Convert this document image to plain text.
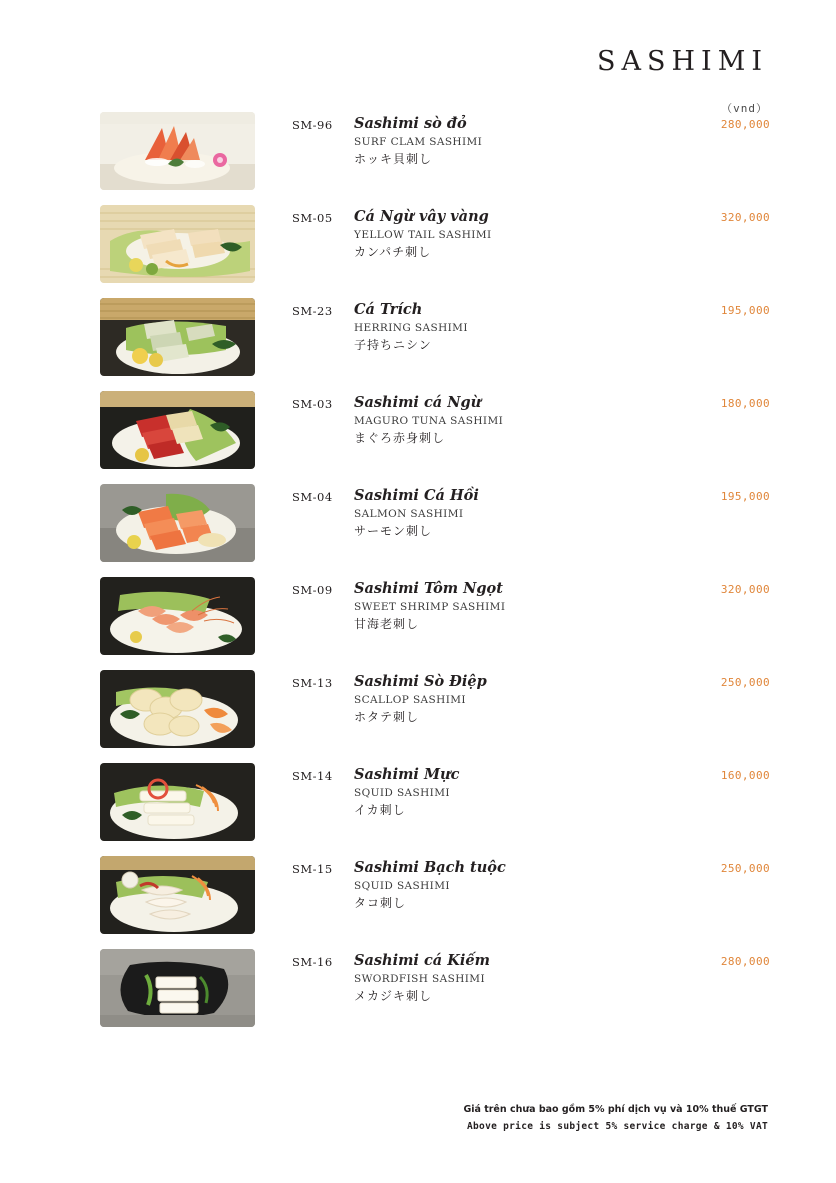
SASHIMI
（vnd）
SM-96	Sashimi sò đỏ
SURF CLAM SASHIMI
ホッキ貝刺し
280,000
SM-05	Cá Ngừ vây vàng
YELLOW TAIL SASHIMI
カンパチ刺し
320,000
SM-23	Cá Trích
HERRING SASHIMI
子持ちニシン
195,000
SM-03	Sashimi cá Ngừ
MAGURO TUNA SASHIMI
まぐろ赤身刺し
180,000
SM-04	Sashimi Cá Hồi
SALMON SASHIMI
サーモン刺し
195,000
SM-09	Sashimi Tôm Ngọt
SWEET SHRIMP SASHIMI
甘海老刺し
320,000
SM-13	Sashimi Sò Điệp
SCALLOP SASHIMI
ホタテ刺し
250,000
SM-14	Sashimi Mực
SQUID SASHIMI
イカ刺し
160,000
SM-15	Sashimi Bạch tuộc
SQUID SASHIMI
タコ刺し
250,000
SM-16	Sashimi cá Kiếm
SWORDFISH SASHIMI
メカジキ刺し
280,000
Giá trên chưa bao gồm 5% phí dịch vụ và 10% thuế GTGT
Above price is subject 5% service charge & 10% VAT
